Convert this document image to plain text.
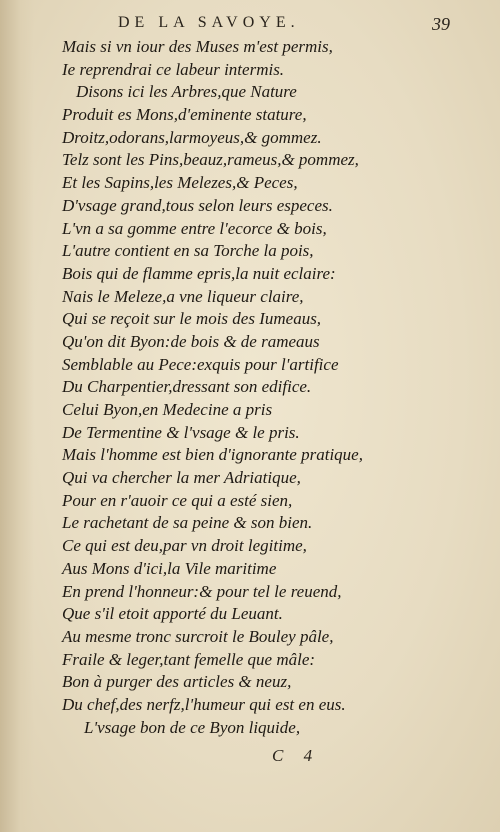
DE LA SAVOYE.	39
Mais si vn iour des Muses m'est permis,
Ie reprendrai ce labeur intermis.
Disons ici les Arbres,que Nature
Produit es Mons,d'eminente stature,
Droitz,odorans,larmoyeus,& gommez.
Telz sont les Pins,beauz,rameus,& pommez,
Et les Sapins,les Melezes,& Peces,
D'vsage grand,tous selon leurs especes.
L'vn a sa gomme entre l'ecorce & bois,
L'autre contient en sa Torche la pois,
Bois qui de flamme epris,la nuit eclaire:
Nais le Meleze,a vne liqueur claire,
Qui se reçoit sur le mois des Iumeaus,
Qu'on dit Byon:de bois & de rameaus
Semblable au Pece:exquis pour l'artifice
Du Charpentier,dressant son edifice.
Celui Byon,en Medecine a pris
De Termentine & l'vsage & le pris.
Mais l'homme est bien d'ignorante pratique,
Qui va chercher la mer Adriatique,
Pour en r'auoir ce qui a esté sien,
Le rachetant de sa peine & son bien.
Ce qui est deu,par vn droit legitime,
Aus Mons d'ici,la Vile maritime
En prend l'honneur:& pour tel le reuend,
Que s'il etoit apporté du Leuant.
Au mesme tronc surcroit le Bouley pâle,
Fraile & leger,tant femelle que mâle:
Bon à purger des articles & neuz,
Du chef,des nerfz,l'humeur qui est en eus.
L'vsage bon de ce Byon liquide,
C 4
